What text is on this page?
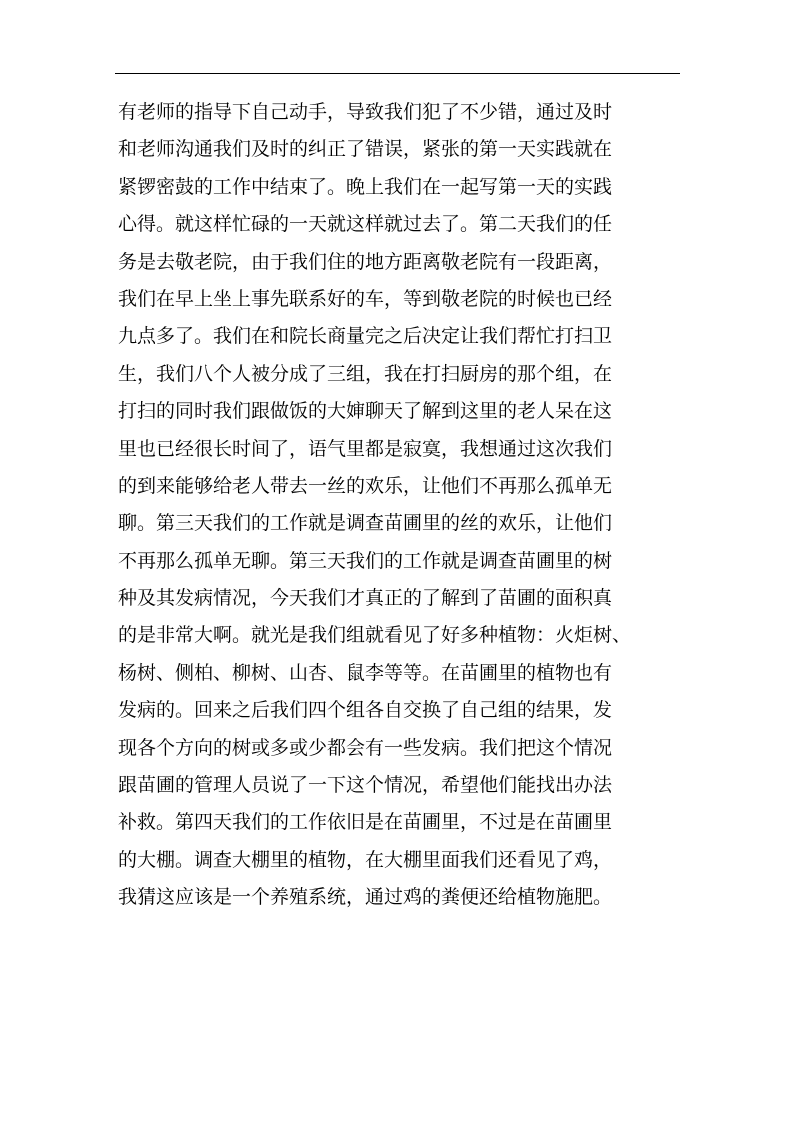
有老师的指导下自己动手，导致我们犯了不少错，通过及时
和老师沟通我们及时的纠正了错误，紧张的第一天实践就在
紧锣密鼓的工作中结束了。晚上我们在一起写第一天的实践
心得。就这样忙碌的一天就这样就过去了。第二天我们的任
务是去敬老院，由于我们住的地方距离敬老院有一段距离，
我们在早上坐上事先联系好的车，等到敬老院的时候也已经
九点多了。我们在和院长商量完之后决定让我们帮忙打扫卫
生，我们八个人被分成了三组，我在打扫厨房的那个组，在
打扫的同时我们跟做饭的大婶聊天了解到这里的老人呆在这
里也已经很长时间了，语气里都是寂寞，我想通过这次我们
的到来能够给老人带去一丝的欢乐，让他们不再那么孤单无
聊。第三天我们的工作就是调查苗圃里的丝的欢乐，让他们
不再那么孤单无聊。第三天我们的工作就是调查苗圃里的树
种及其发病情况，今天我们才真正的了解到了苗圃的面积真
的是非常大啊。就光是我们组就看见了好多种植物：火炬树、
杨树、侧柏、柳树、山杏、鼠李等等。在苗圃里的植物也有
发病的。回来之后我们四个组各自交换了自己组的结果，发
现各个方向的树或多或少都会有一些发病。我们把这个情况
跟苗圃的管理人员说了一下这个情况，希望他们能找出办法
补救。第四天我们的工作依旧是在苗圃里，不过是在苗圃里
的大棚。调查大棚里的植物，在大棚里面我们还看见了鸡，
我猜这应该是一个养殖系统，通过鸡的粪便还给植物施肥。
